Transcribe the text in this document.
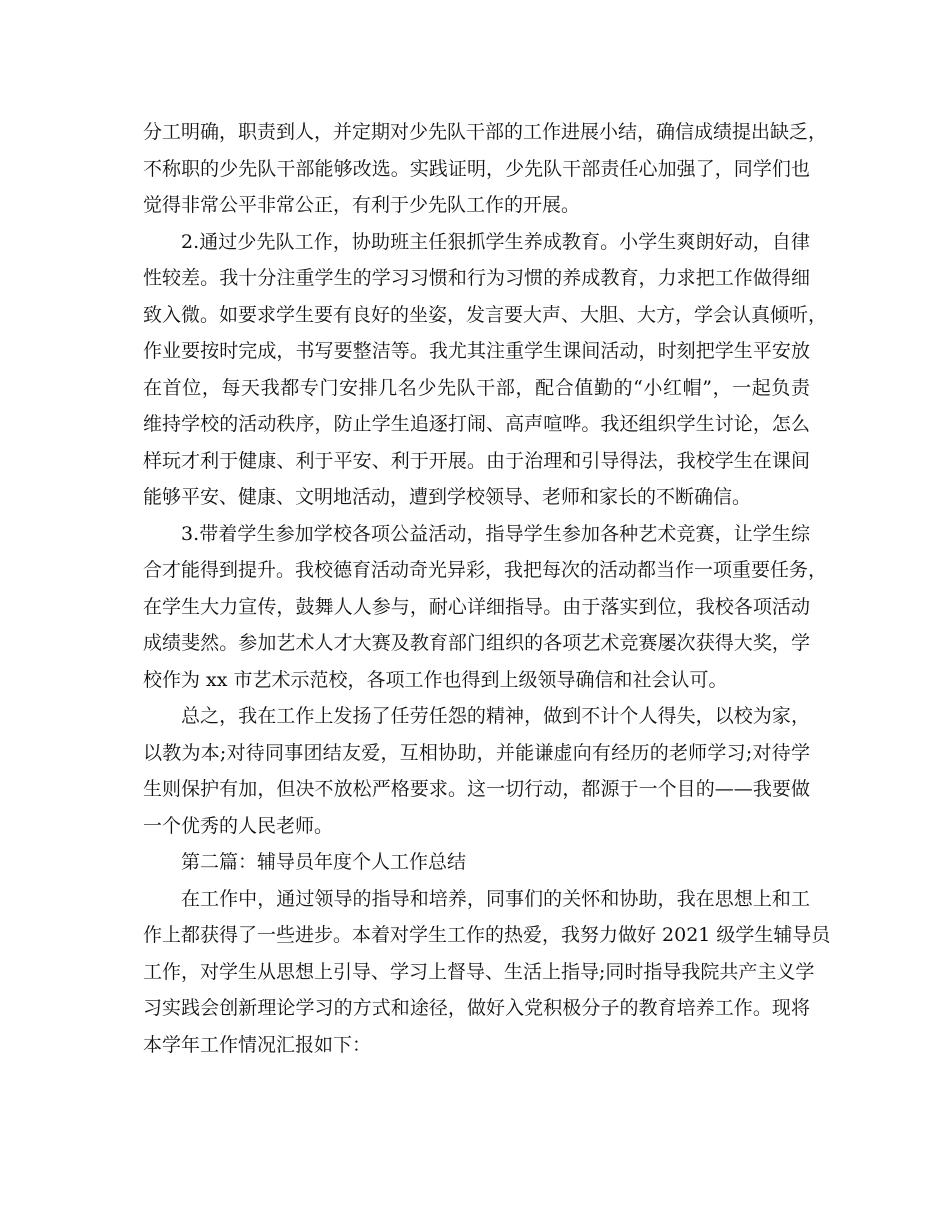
分工明确，职责到人，并定期对少先队干部的工作进展小结，确信成绩提出缺乏，
不称职的少先队干部能够改选。实践证明，少先队干部责任心加强了，同学们也
觉得非常公平非常公正，有利于少先队工作的开展。
2.通过少先队工作，协助班主任狠抓学生养成教育。小学生爽朗好动，自律
性较差。我十分注重学生的学习习惯和行为习惯的养成教育，力求把工作做得细
致入微。如要求学生要有良好的坐姿，发言要大声、大胆、大方，学会认真倾听，
作业要按时完成，书写要整洁等。我尤其注重学生课间活动，时刻把学生平安放
在首位，每天我都专门安排几名少先队干部，配合值勤的“小红帽”，一起负责
维持学校的活动秩序，防止学生追逐打闹、高声喧哗。我还组织学生讨论，怎么
样玩才利于健康、利于平安、利于开展。由于治理和引导得法，我校学生在课间
能够平安、健康、文明地活动，遭到学校领导、老师和家长的不断确信。
3.带着学生参加学校各项公益活动，指导学生参加各种艺术竞赛，让学生综
合才能得到提升。我校德育活动奇光异彩，我把每次的活动都当作一项重要任务，
在学生大力宣传，鼓舞人人参与，耐心详细指导。由于落实到位，我校各项活动
成绩斐然。参加艺术人才大赛及教育部门组织的各项艺术竞赛屡次获得大奖，学
校作为 xx 市艺术示范校，各项工作也得到上级领导确信和社会认可。
总之，我在工作上发扬了任劳任怨的精神，做到不计个人得失，以校为家，
以教为本;对待同事团结友爱，互相协助，并能谦虚向有经历的老师学习;对待学
生则保护有加，但决不放松严格要求。这一切行动，都源于一个目的——我要做
一个优秀的人民老师。
第二篇：辅导员年度个人工作总结
在工作中，通过领导的指导和培养，同事们的关怀和协助，我在思想上和工
作上都获得了一些进步。本着对学生工作的热爱，我努力做好 2021 级学生辅导员
工作，对学生从思想上引导、学习上督导、生活上指导;同时指导我院共产主义学
习实践会创新理论学习的方式和途径，做好入党积极分子的教育培养工作。现将
本学年工作情况汇报如下：
